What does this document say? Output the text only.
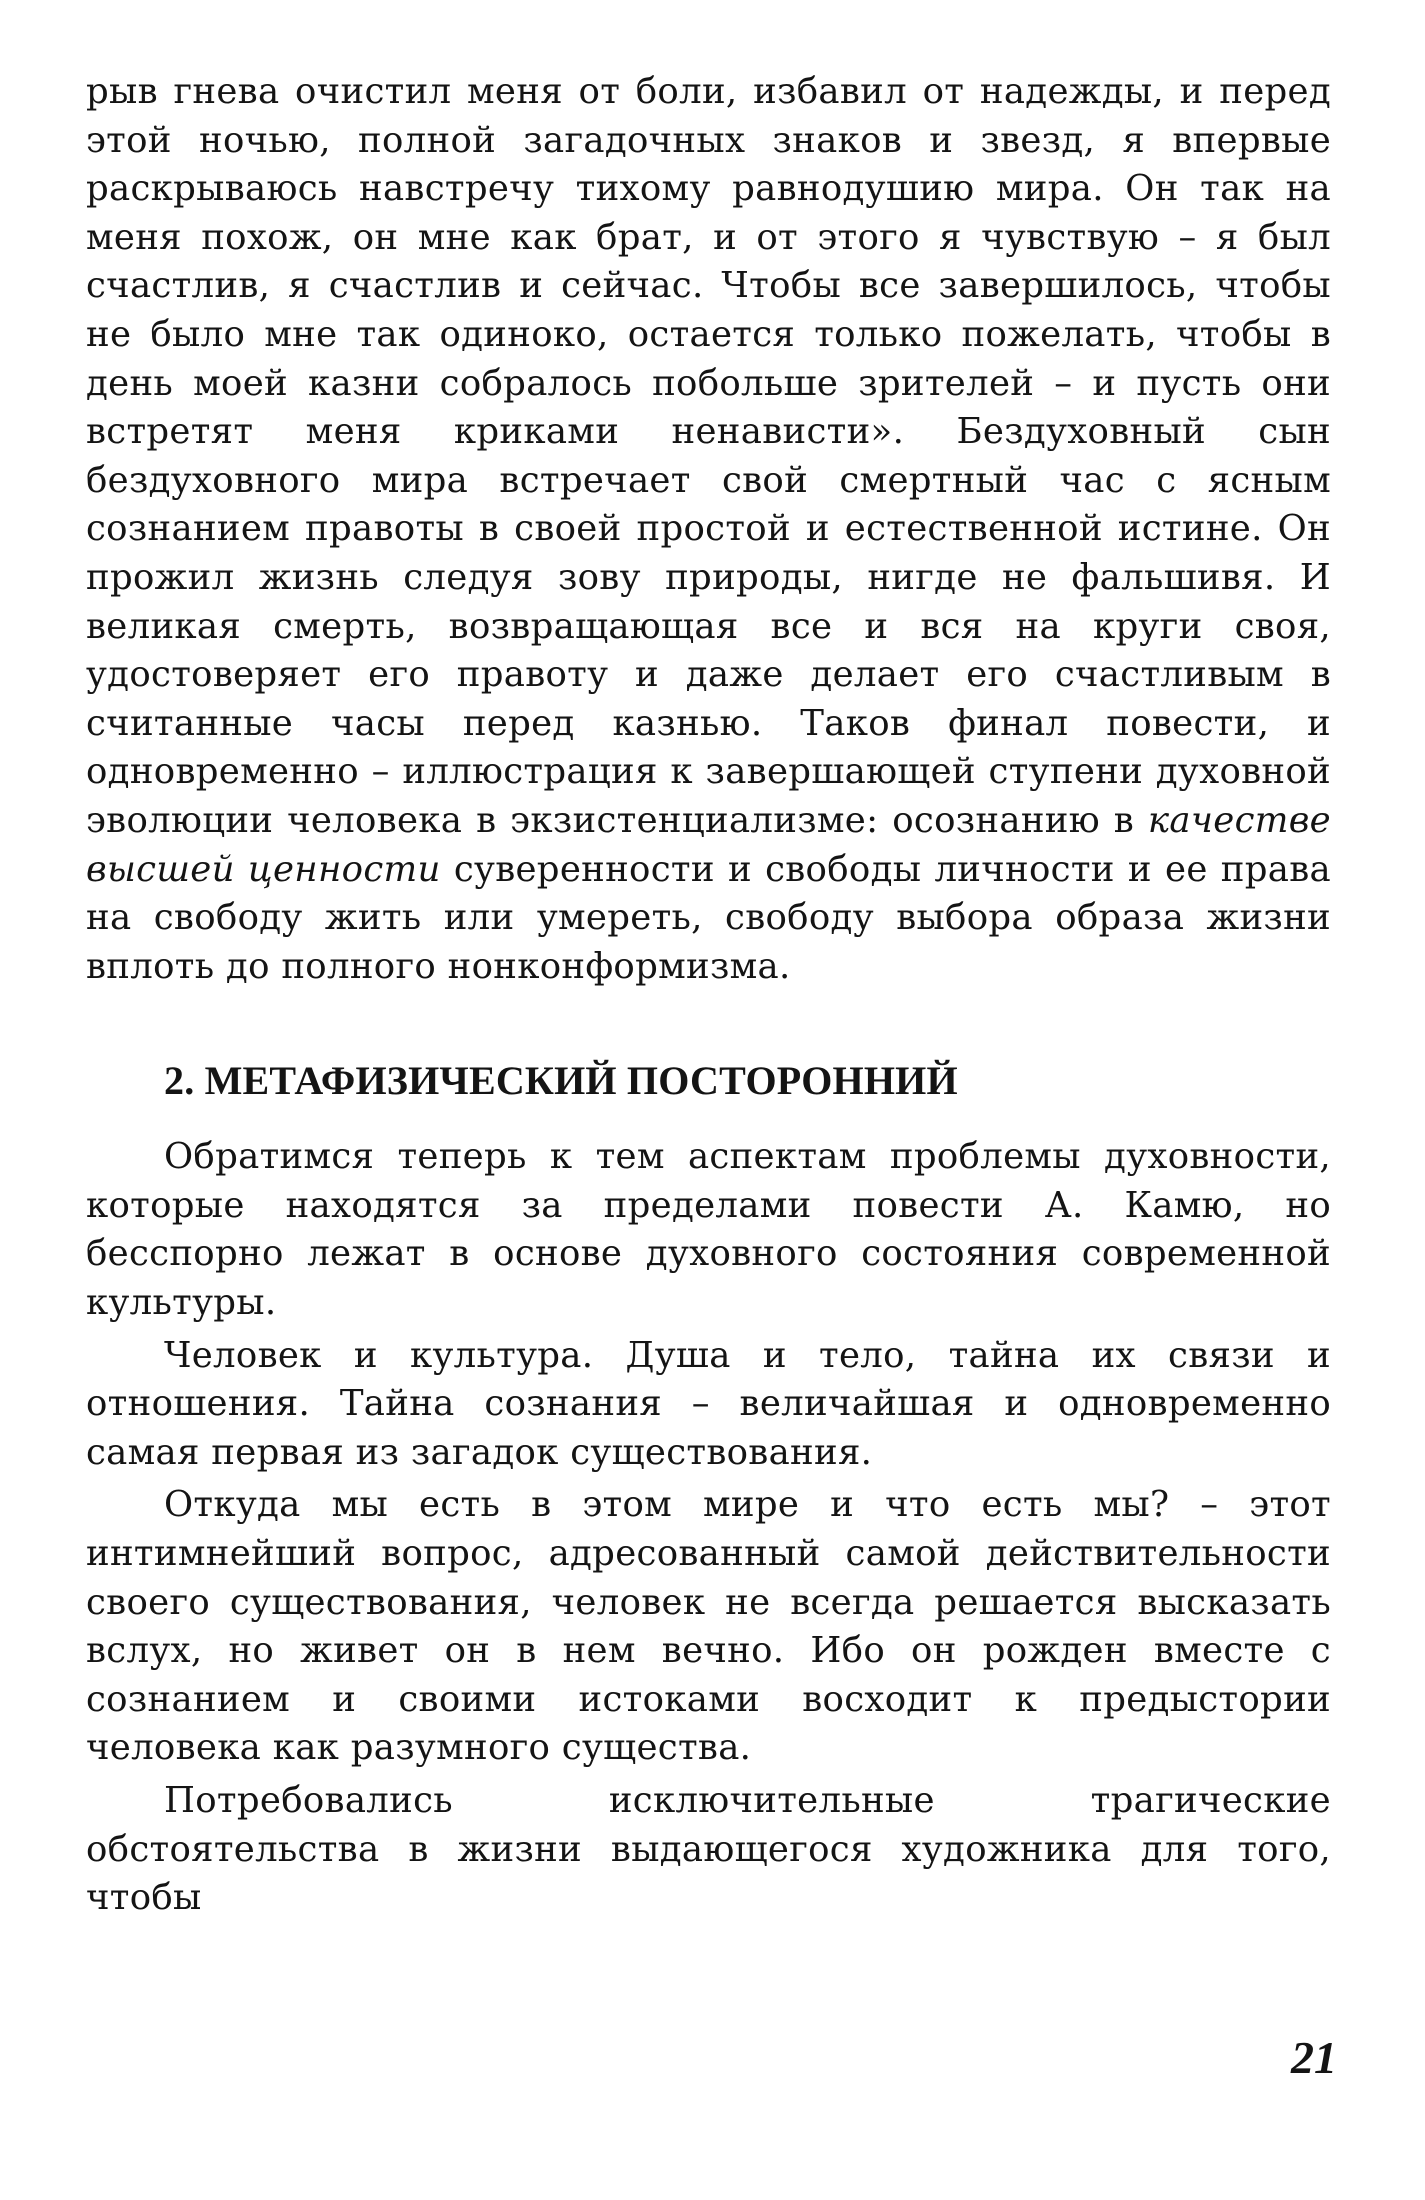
рыв гнева очистил меня от боли, избавил от надежды, и перед этой ночью, полной загадочных знаков и звезд, я впервые раскрываюсь навстречу тихому равнодушию мира. Он так на меня похож, он мне как брат, и от этого я чувствую – я был счастлив, я счастлив и сейчас. Чтобы все завершилось, чтобы не было мне так одиноко, остается только пожелать, чтобы в день моей казни собралось побольше зрителей – и пусть они встретят меня криками ненависти». Бездуховный сын бездуховного мира встречает свой смертный час с ясным сознанием правоты в своей простой и естественной истине. Он прожил жизнь следуя зову природы, нигде не фальшивя. И великая смерть, возвращающая все и вся на круги своя, удостоверяет его правоту и даже делает его счастливым в считанные часы перед казнью. Таков финал повести, и одновременно – иллюстрация к завершающей ступени духовной эволюции человека в экзистенциализме: осознанию в качестве высшей ценности суверенности и свободы личности и ее права на свободу жить или умереть, свободу выбора образа жизни вплоть до полного нонконформизма.

2. МЕТАФИЗИЧЕСКИЙ ПОСТОРОННИЙ

Обратимся теперь к тем аспектам проблемы духовности, которые находятся за пределами повести А. Камю, но бесспорно лежат в основе духовного состояния современной культуры.

Человек и культура. Душа и тело, тайна их связи и отношения. Тайна сознания – величайшая и одновременно самая первая из загадок существования.

Откуда мы есть в этом мире и что есть мы? – этот интимнейший вопрос, адресованный самой действительности своего существования, человек не всегда решается высказать вслух, но живет он в нем вечно. Ибо он рожден вместе с сознанием и своими истоками восходит к предыстории человека как разумного существа.

Потребовались исключительные трагические обстоятельства в жизни выдающегося художника для того, чтобы

21
